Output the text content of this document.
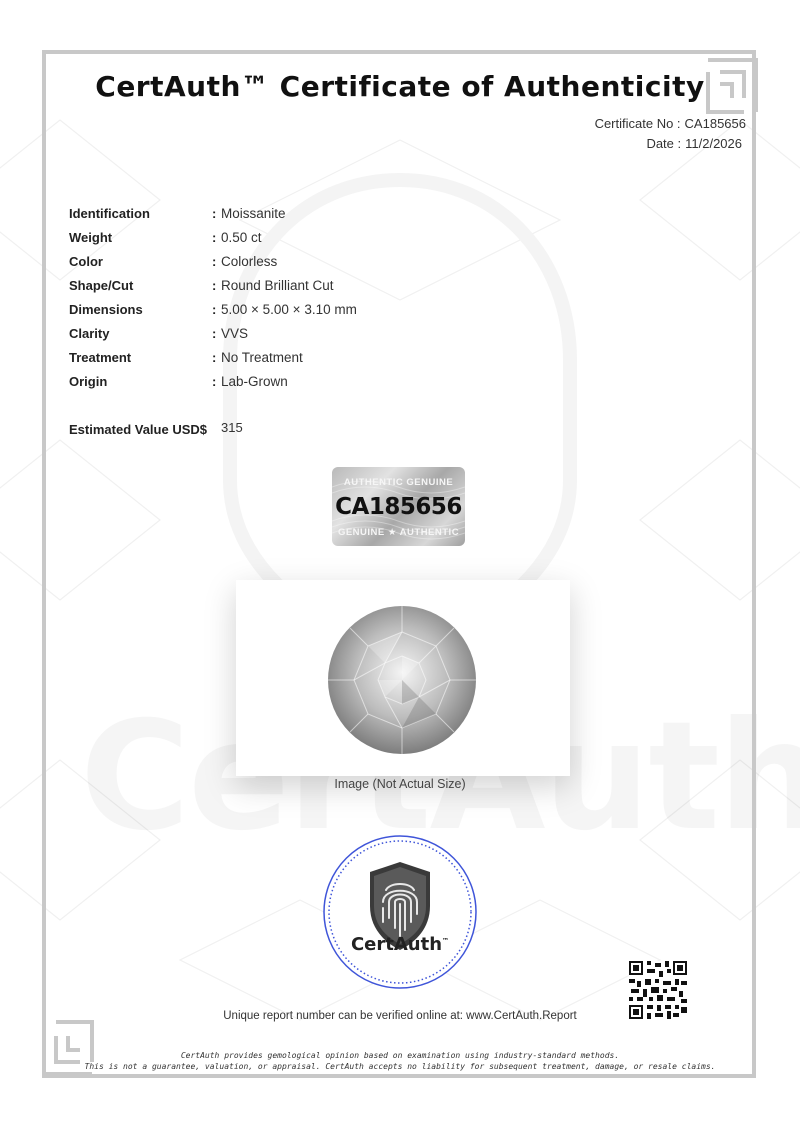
CertAuth™ Certificate of Authenticity
Certificate No : CA185656
Date : 11/2/2026
Identification	: Moissanite
Weight	: 0.50 ct
Color	: Colorless
Shape/Cut	: Round Brilliant Cut
Dimensions	: 5.00 × 5.00 × 3.10 mm
Clarity	: VVS
Treatment	: No Treatment
Origin	: Lab-Grown
Estimated Value USD$ 315
AUTHENTIC GENUINE
CA185656
GENUINE ★ AUTHENTIC
Image (Not Actual Size)
CertAuth™
Unique report number can be verified online at: www.CertAuth.Report
CertAuth provides gemological opinion based on examination using industry-standard methods.
This is not a guarantee, valuation, or appraisal. CertAuth accepts no liability for subsequent treatment, damage, or resale claims.
